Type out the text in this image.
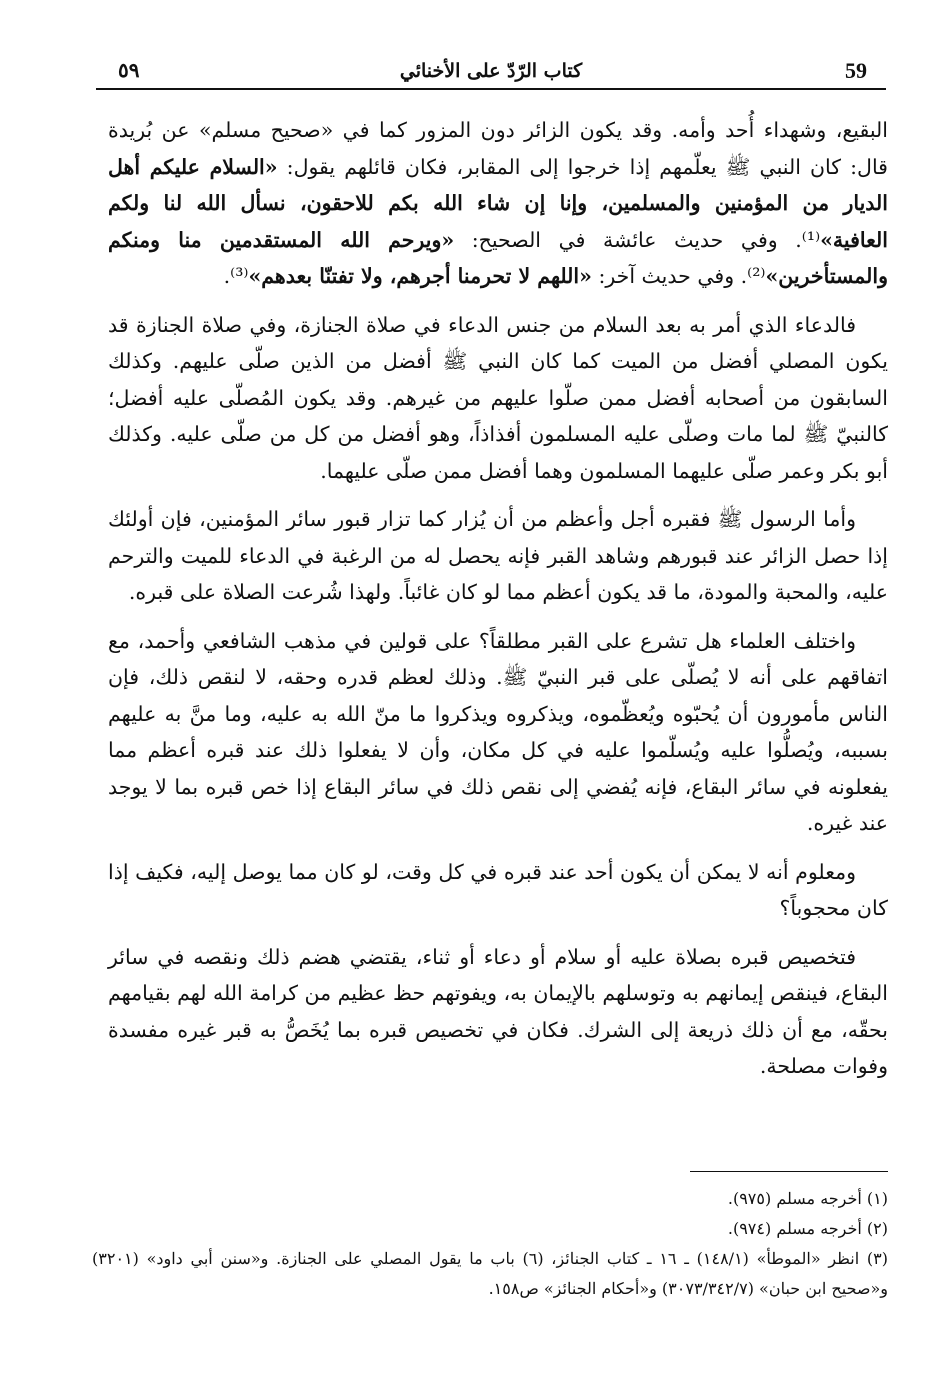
59
كتاب الرّدّ على الأخنائي
٥٩

البقيع، وشهداء أُحد وأمه. وقد يكون الزائر دون المزور كما في «صحيح مسلم» عن بُريدة قال: كان النبي ﷺ يعلّمهم إذا خرجوا إلى المقابر، فكان قائلهم يقول: «السلام عليكم أهل الديار من المؤمنين والمسلمين، وإنا إن شاء الله بكم للاحقون، نسأل الله لنا ولكم العافية»⁽¹⁾. وفي حديث عائشة في الصحيح: «ويرحم الله المستقدمين منا ومنكم والمستأخرين»⁽²⁾. وفي حديث آخر: «اللهم لا تحرمنا أجرهم، ولا تفتنّا بعدهم»⁽³⁾.

فالدعاء الذي أمر به بعد السلام من جنس الدعاء في صلاة الجنازة، وفي صلاة الجنازة قد يكون المصلي أفضل من الميت كما كان النبي ﷺ أفضل من الذين صلّى عليهم. وكذلك السابقون من أصحابه أفضل ممن صلّوا عليهم من غيرهم. وقد يكون المُصلّى عليه أفضل؛ كالنبيّ ﷺ لما مات وصلّى عليه المسلمون أفذاذاً، وهو أفضل من كل من صلّى عليه. وكذلك أبو بكر وعمر صلّى عليهما المسلمون وهما أفضل ممن صلّى عليهما.

وأما الرسول ﷺ فقبره أجل وأعظم من أن يُزار كما تزار قبور سائر المؤمنين، فإن أولئك إذا حصل الزائر عند قبورهم وشاهد القبر فإنه يحصل له من الرغبة في الدعاء للميت والترحم عليه، والمحبة والمودة، ما قد يكون أعظم مما لو كان غائباً. ولهذا شُرعت الصلاة على قبره.

واختلف العلماء هل تشرع على القبر مطلقاً؟ على قولين في مذهب الشافعي وأحمد، مع اتفاقهم على أنه لا يُصلّى على قبر النبيّ ﷺ. وذلك لعظم قدره وحقه، لا لنقص ذلك، فإن الناس مأمورون أن يُحبّوه ويُعظّموه، ويذكروه ويذكروا ما منّ الله به عليه، وما منَّ به عليهم بسببه، ويُصلُّوا عليه ويُسلّموا عليه في كل مكان، وأن لا يفعلوا ذلك عند قبره أعظم مما يفعلونه في سائر البقاع، فإنه يُفضي إلى نقص ذلك في سائر البقاع إذا خص قبره بما لا يوجد عند غيره.

ومعلوم أنه لا يمكن أن يكون أحد عند قبره في كل وقت، لو كان مما يوصل إليه، فكيف إذا كان محجوباً؟

فتخصيص قبره بصلاة عليه أو سلام أو دعاء أو ثناء، يقتضي هضم ذلك ونقصه في سائر البقاع، فينقص إيمانهم به وتوسلهم بالإيمان به، ويفوتهم حظ عظيم من كرامة الله لهم بقيامهم بحقّه، مع أن ذلك ذريعة إلى الشرك. فكان في تخصيص قبره بما يُخَصُّ به قبر غيره مفسدة وفوات مصلحة.

(١) أخرجه مسلم (٩٧٥).

(٢) أخرجه مسلم (٩٧٤).

(٣) انظر «الموطأ» (١٤٨/١) ـ ١٦ ـ كتاب الجنائز، (٦) باب ما يقول المصلي على الجنازة. و«سنن أبي داود» (٣٢٠١) و«صحيح ابن حبان» (٣٠٧٣/٣٤٢/٧) و«أحكام الجنائز» ص١٥٨.
